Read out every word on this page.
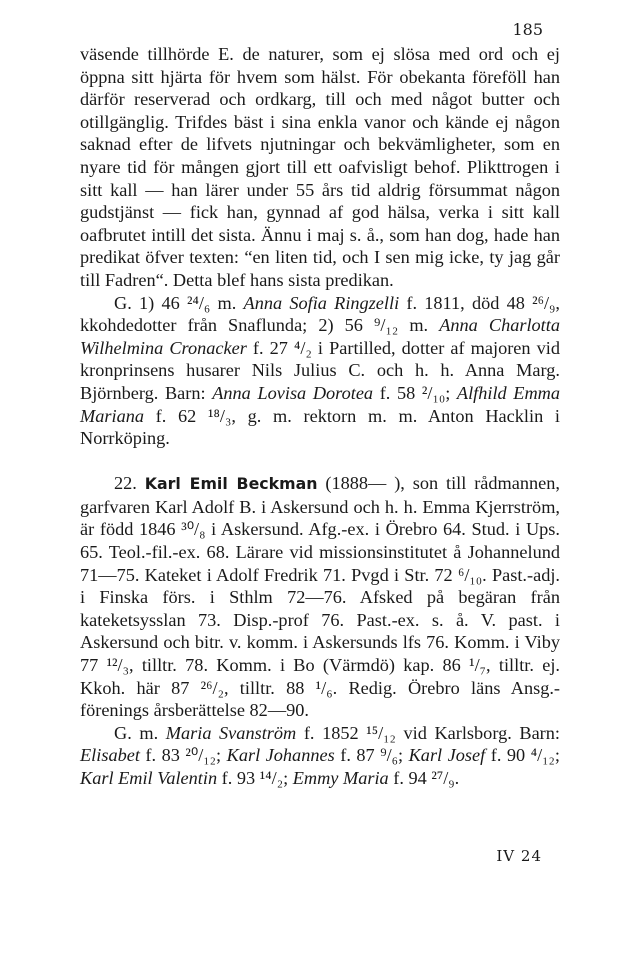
185

väsende tillhörde E. de naturer, som ej slösa med ord och ej öppna sitt hjärta för hvem som hälst. För obekanta föreföll han därför reserverad och ordkarg, till och med något butter och otillgänglig. Trifdes bäst i sina enkla vanor och kände ej någon saknad efter de lifvets njutningar och bekvämligheter, som en nyare tid för mången gjort till ett oafvisligt behof. Plikttrogen i sitt kall — han lärer under 55 års tid aldrig försummat någon gudstjänst — fick han, gynnad af god hälsa, verka i sitt kall oafbrutet intill det sista. Ännu i maj s. å., som han dog, hade han predikat öfver texten: “en liten tid, och I sen mig icke, ty jag går till Fadren“. Detta blef hans sista predikan.

G. 1) 46 ²⁴/₆ m. Anna Sofia Ringzelli f. 1811, död 48 ²⁶/₉, kkohdedotter från Snaflunda; 2) 56 ⁹/₁₂ m. Anna Charlotta Wilhelmina Cronacker f. 27 ⁴/₂ i Partilled, dotter af majoren vid kronprinsens husarer Nils Julius C. och h. h. Anna Marg. Björnberg. Barn: Anna Lovisa Dorotea f. 58 ²/₁₀; Alfhild Emma Mariana f. 62 ¹⁸/₃, g. m. rektorn m. m. Anton Hacklin i Norrköping.

22. Karl Emil Beckman (1888— ), son till rådmannen, garfvaren Karl Adolf B. i Askersund och h. h. Emma Kjerrström, är född 1846 ³⁰/₈ i Askersund. Afg.-ex. i Örebro 64. Stud. i Ups. 65. Teol.-fil.-ex. 68. Lärare vid missionsinstitutet å Johannelund 71—75. Kateket i Adolf Fredrik 71. Pvgd i Str. 72 ⁶/₁₀. Past.-adj. i Finska förs. i Sthlm 72—76. Afsked på begäran från kateketsysslan 73. Disp.-prof 76. Past.-ex. s. å. V. past. i Askersund och bitr. v. komm. i Askersunds lfs 76. Komm. i Viby 77 ¹²/₃, tilltr. 78. Komm. i Bo (Värmdö) kap. 86 ¹/₇, tilltr. ej. Kkoh. här 87 ²⁶/₂, tilltr. 88 ¹/₆. Redig. Örebro läns Ansg.-förenings årsberättelse 82—90.

G. m. Maria Svanström f. 1852 ¹⁵/₁₂ vid Karlsborg. Barn: Elisabet f. 83 ²⁰/₁₂; Karl Johannes f. 87 ⁹/₆; Karl Josef f. 90 ⁴/₁₂; Karl Emil Valentin f. 93 ¹⁴/₂; Emmy Maria f. 94 ²⁷/₉.

IV 24
